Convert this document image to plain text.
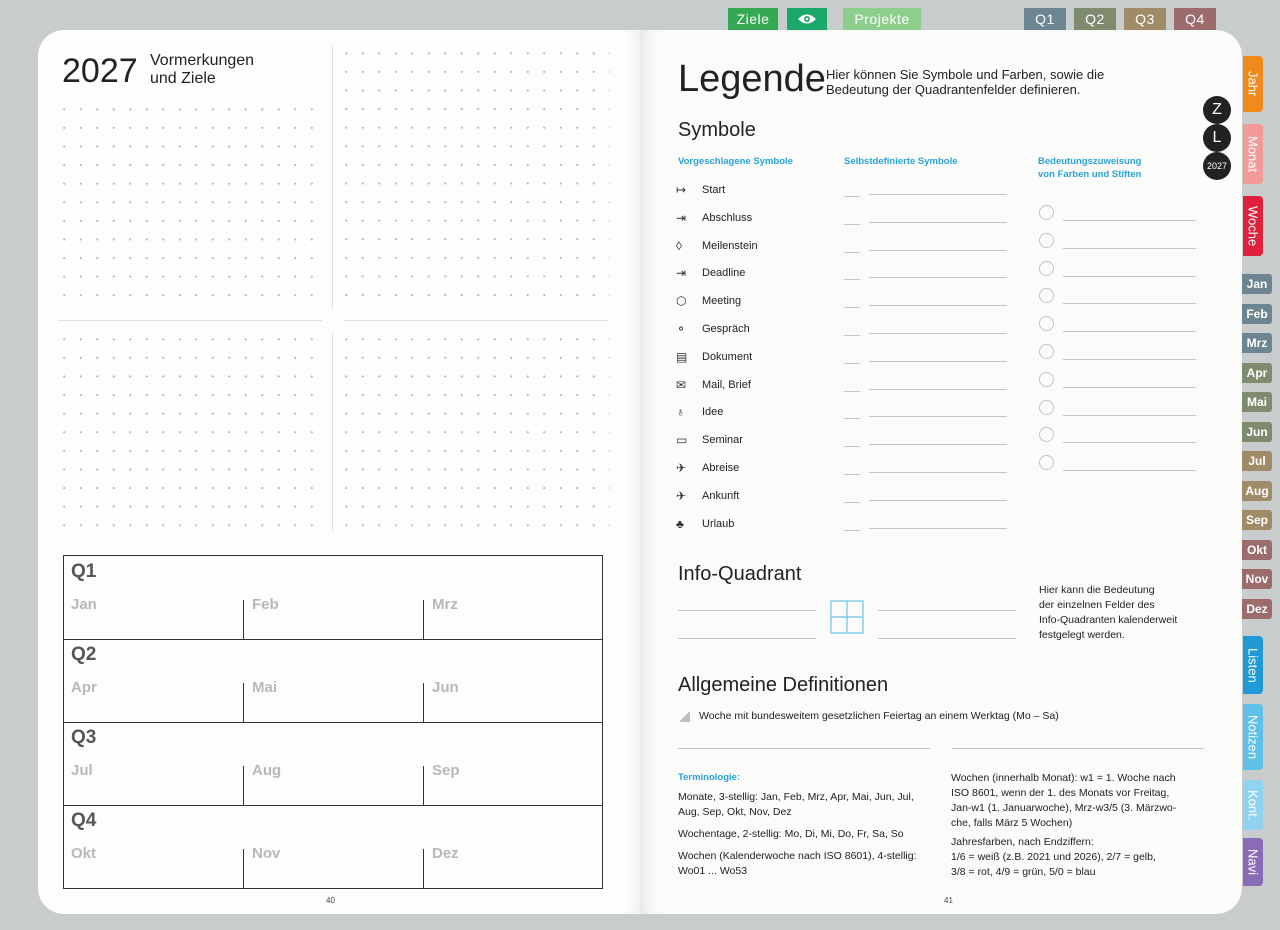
Ziele	Projekte	Q1 Q2 Q3 Q4
2027 Vormerkungen
und Ziele
Q1
Jan	Feb	Mrz
Q2
Apr	Mai	Jun
Q3
Jul	Aug	Sep
Q4
Okt	Nov	Dez
40
Legende Hier können Sie Symbole und Farben, sowie die
Bedeutung der Quadrantenfelder definieren.
Symbole
Vorgeschlagene Symbole	Selbstdefinierte Symbole	Bedeutungszuweisung
von Farben und Stiften
Info-Quadrant
Hier kann die Bedeutung
der einzelnen Felder des
Info-Quadranten kalenderweit
festgelegt werden.
Allgemeine Definitionen
Woche mit bundesweitem gesetzlichen Feiertag an einem Werktag (Mo – Sa)
Terminologie:
Monate, 3-stellig: Jan, Feb, Mrz, Apr, Mai, Jun, Jul,
Aug, Sep, Okt, Nov, Dez
Wochentage, 2-stellig: Mo, Di, Mi, Do, Fr, Sa, So
Wochen (Kalenderwoche nach ISO 8601), 4-stellig:
Wo01 ... Wo53
Wochen (innerhalb Monat): w1 = 1. Woche nach
ISO 8601, wenn der 1. des Monats vor Freitag,
Jan-w1 (1. Januarwoche), Mrz-w3/5 (3. Märzwo-
che, falls März 5 Wochen)
Jahresfarben, nach Endziffern:
1/6 = weiß (z.B. 2021 und 2026), 2/7 = gelb,
3/8 = rot, 4/9 = grün, 5/0 = blau
41
↦	Start
⇥	Abschluss
◊	Meilenstein
⇥	Deadline
⬡	Meeting
⚬	Gespräch
▤	Dokument
✉	Mail, Brief
♁	Idee
▭	Seminar
✈	Abreise
✈	Ankunft
♣	Urlaub
Z
L
2027
Jahr
Monat
Woche
Jan
Feb
Mrz
Apr
Mai
Jun
Jul
Aug
Sep
Okt
Nov
Dez
Listen
Notizen
Kont.
Navi
